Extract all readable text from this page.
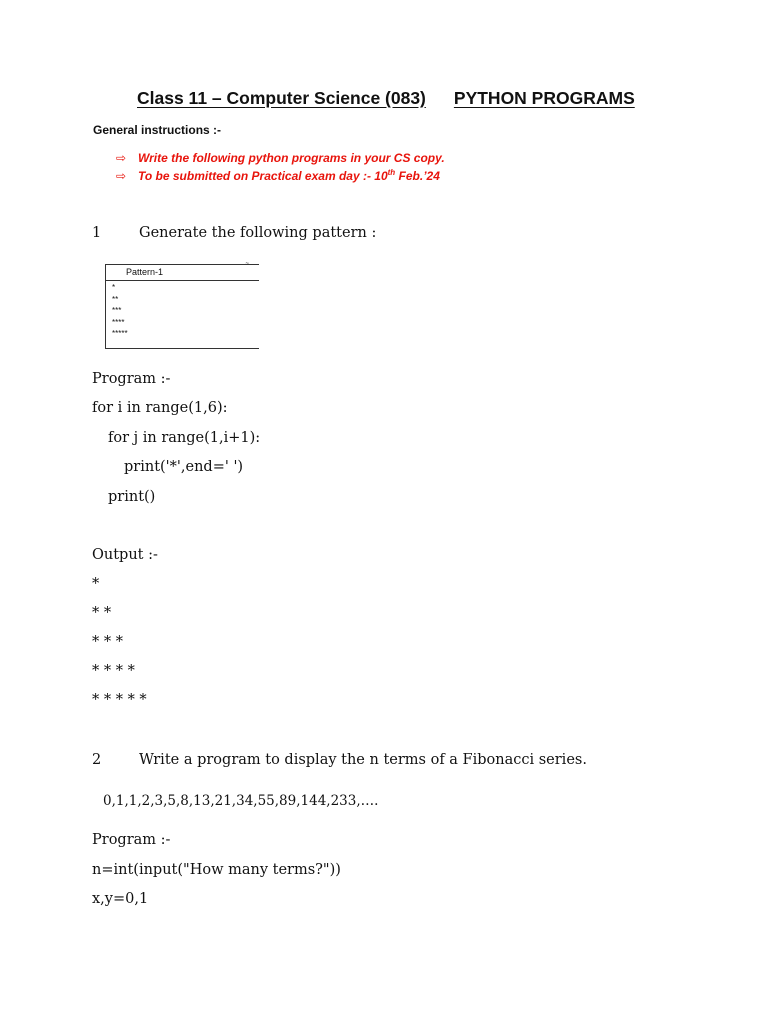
Class 11 – Computer Science (083) PYTHON PROGRAMS
General instructions :-
⇨ Write the following python programs in your CS copy.
⇨ To be submitted on Practical exam day :- 10th Feb.’24
1	Generate the following pattern :
~
Pattern-1
*
**
***
****
*****
Program :-
for i in range(1,6):
for j in range(1,i+1):
print('*',end=' ')
print()
Output :-
*
* *
* * *
* * * *
* * * * *
2	Write a program to display the n terms of a Fibonacci series.
0,1,1,2,3,5,8,13,21,34,55,89,144,233,….
Program :-
n=int(input("How many terms?"))
x,y=0,1
